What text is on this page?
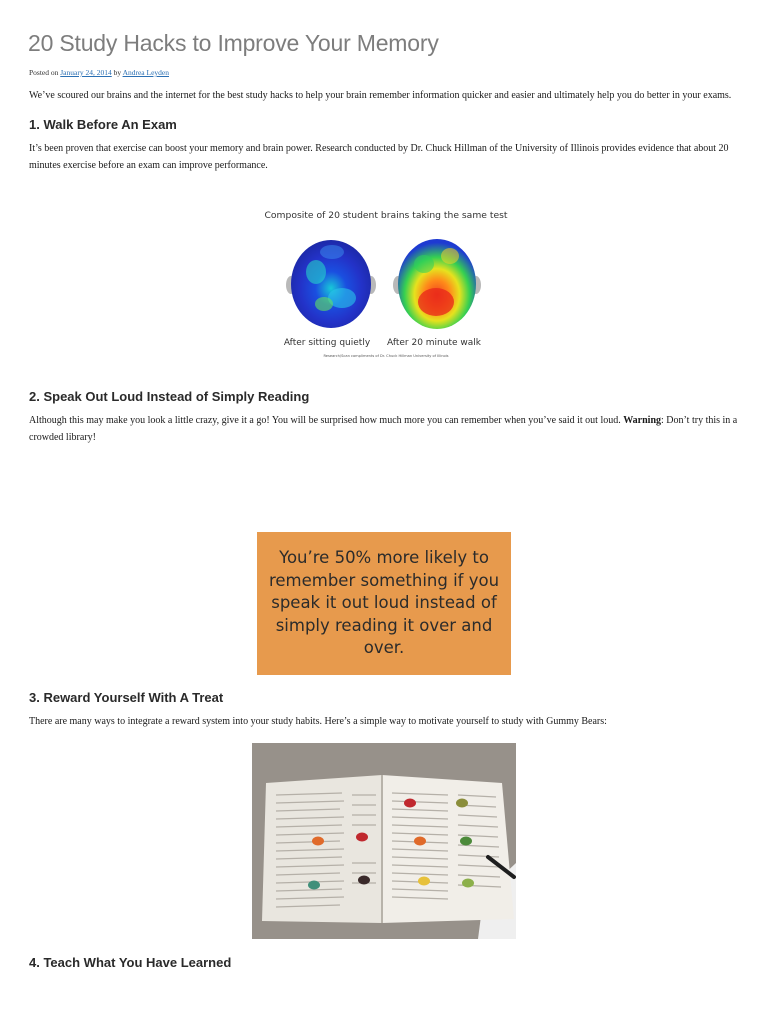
20 Study Hacks to Improve Your Memory
Posted on January 24, 2014 by Andrea Leyden

We’ve scoured our brains and the internet for the best study hacks to help your brain remember information quicker and easier and ultimately help you do better in your exams.

1. Walk Before An Exam

It’s been proven that exercise can boost your memory and brain power. Research conducted by Dr. Chuck Hillman of the University of Illinois provides evidence that about 20 minutes exercise before an exam can improve performance.

Composite of 20 student brains taking the same test
After sitting quietly After 20 minute walk
Research/Scan compliments of Dr. Chuck Hillman University of Illinois
2. Speak Out Loud Instead of Simply Reading

Although this may make you look a little crazy, give it a go! You will be surprised how much more you can remember when you’ve said it out loud. Warning: Don’t try this in a crowded library!

You’re 50% more likely to remember something if you speak it out loud instead of simply reading it over and over.
3. Reward Yourself With A Treat

There are many ways to integrate a reward system into your study habits. Here’s a simple way to motivate yourself to study with Gummy Bears:

4. Teach What You Have Learned
